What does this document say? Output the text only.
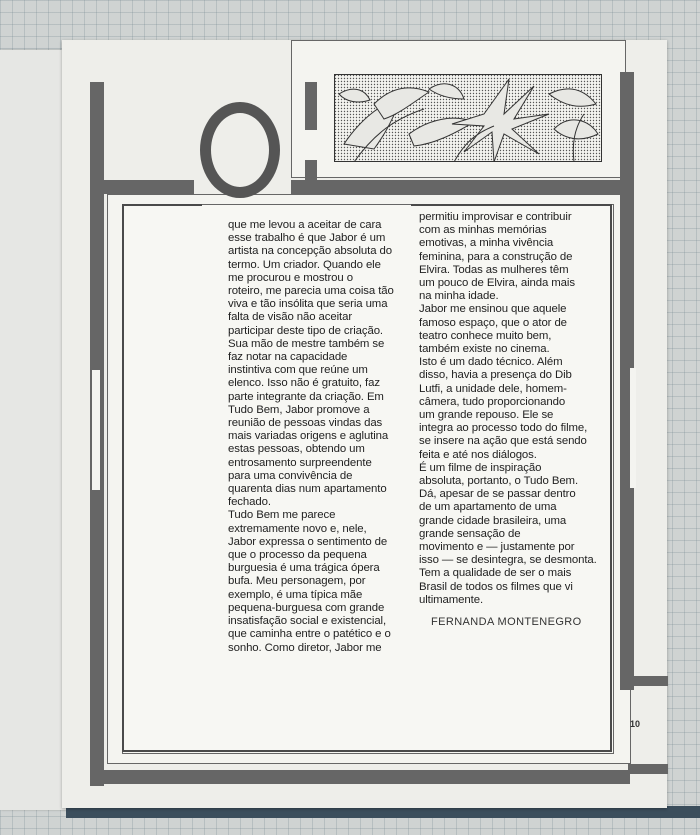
que me levou a aceitar de cara
esse trabalho é que Jabor é um
artista na concepção absoluta do
termo. Um criador. Quando ele
me procurou e mostrou o
roteiro, me parecia uma coisa tão
viva e tão insólita que seria uma
falta de visão não aceitar
participar deste tipo de criação.
Sua mão de mestre também se
faz notar na capacidade
instintiva com que reúne um
elenco. Isso não é gratuito, faz
parte integrante da criação. Em
Tudo Bem, Jabor promove a
reunião de pessoas vindas das
mais variadas origens e aglutina
estas pessoas, obtendo um
entrosamento surpreendente
para uma convivência de
quarenta dias num apartamento
fechado.
Tudo Bem me parece
extremamente novo e, nele,
Jabor expressa o sentimento de
que o processo da pequena
burguesia é uma trágica ópera
bufa. Meu personagem, por
exemplo, é uma típica mãe
pequena-burguesa com grande
insatisfação social e existencial,
que caminha entre o patético e o
sonho. Como diretor, Jabor me
permitiu improvisar e contribuir
com as minhas memórias
emotivas, a minha vivência
feminina, para a construção de
Elvira. Todas as mulheres têm
um pouco de Elvira, ainda mais
na minha idade.
Jabor me ensinou que aquele
famoso espaço, que o ator de
teatro conhece muito bem,
também existe no cinema.
Isto é um dado técnico. Além
disso, havia a presença do Dib
Lutfi, a unidade dele, homem-
câmera, tudo proporcionando
um grande repouso. Ele se
integra ao processo todo do filme,
se insere na ação que está sendo
feita e até nos diálogos.
É um filme de inspiração
absoluta, portanto, o Tudo Bem.
Dá, apesar de se passar dentro
de um apartamento de uma
grande cidade brasileira, uma
grande sensação de
movimento e — justamente por
isso — se desintegra, se desmonta.
Tem a qualidade de ser o mais
Brasil de todos os filmes que vi
ultimamente.
FERNANDA MONTENEGRO
10
